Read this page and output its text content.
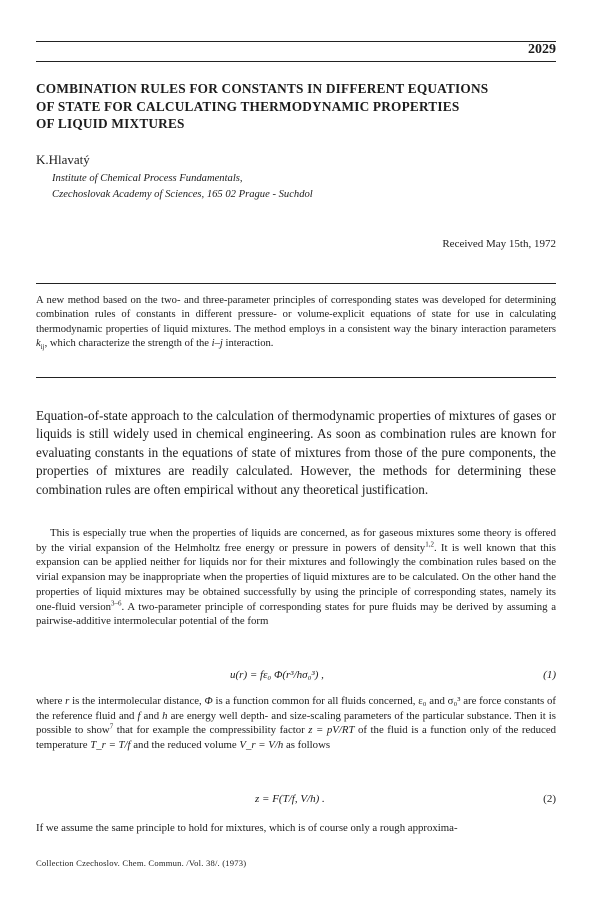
2029
COMBINATION RULES FOR CONSTANTS IN DIFFERENT EQUATIONS
OF STATE FOR CALCULATING THERMODYNAMIC PROPERTIES
OF LIQUID MIXTURES
K.Hlavatý
Institute of Chemical Process Fundamentals,
Czechoslovak Academy of Sciences, 165 02 Prague - Suchdol
Received May 15th, 1972
A new method based on the two- and three-parameter principles of corresponding states was developed for determining combination rules of constants in different pressure- or volume-explicit equations of state for use in calculating thermodynamic properties of liquid mixtures. The method employs in a consistent way the binary interaction parameters $k_{ij}$, which characterize the strength of the i–j interaction.
Equation-of-state approach to the calculation of thermodynamic properties of mixtures of gases or liquids is still widely used in chemical engineering. As soon as combination rules are known for evaluating constants in the equations of state of mixtures from those of the pure components, the properties of mixtures are readily calculated. However, the methods for determining these combination rules are often empirical without any theoretical justification.
This is especially true when the properties of liquids are concerned, as for gaseous mixtures some theory is offered by the virial expansion of the Helmholtz free energy or pressure in powers of density$^{1,2}$. It is well known that this expansion can be applied neither for liquids nor for their mixtures and followingly the combination rules based on the virial expansion may be inappropriate when the properties of liquid mixtures are to be calculated. On the other hand the properties of liquid mixtures may be obtained successfully by using the principle of corresponding states, namely its one-fluid version$^{3-6}$. A two-parameter principle of corresponding states for pure fluids may be derived by assuming a pairwise-additive intermolecular potential of the form
u(r) = fε₀ Φ(r³/hσ₀³) ,	(1)
where r is the intermolecular distance, Φ is a function common for all fluids concerned, ε₀ and σ₀³ are force constants of the reference fluid and f and h are energy well depth- and size-scaling parameters of the particular substance. Then it is possible to show$^7$ that for example the compressibility factor z = pV/RT of the fluid is a function only of the reduced temperature T_r = T/f and the reduced volume V_r = V/h as follows
z = F(T/f, V/h) .	(2)
If we assume the same principle to hold for mixtures, which is of course only a rough approxima-
Collection Czechoslov. Chem. Commun. /Vol. 38/. (1973)
